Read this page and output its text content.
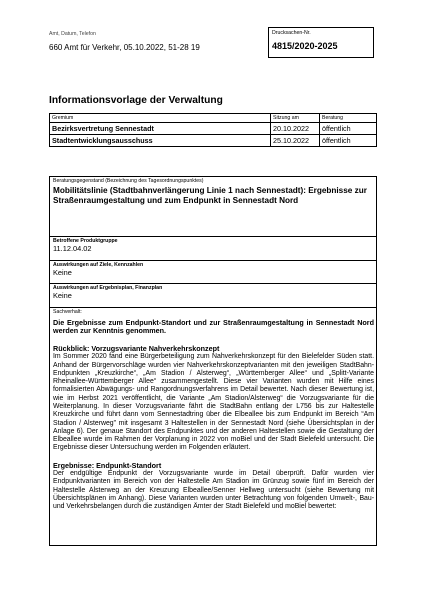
Amt, Datum, Telefon
660 Amt für Verkehr, 05.10.2022, 51-28 19
Drucksachen-Nr.
4815/2020-2025
Informationsvorlage der Verwaltung
Gremium	Sitzung am	Beratung
Bezirksvertretung Sennestadt	20.10.2022	öffentlich
Stadtentwicklungsausschuss	25.10.2022	öffentlich
Beratungsgegenstand (Bezeichnung des Tagesordnungspunktes)
Mobilitätslinie (Stadtbahnverlängerung Linie 1 nach Sennestadt): Ergebnisse zur Straßenraumgestaltung und zum Endpunkt in Sennestadt Nord
Betroffene Produktgruppe
11.12.04.02
Auswirkungen auf Ziele, Kennzahlen
Keine
Auswirkungen auf Ergebnisplan, Finanzplan
Keine
Sachverhalt:
Die Ergebnisse zum Endpunkt-Standort und zur Straßenraumgestaltung in Sennestadt Nord werden zur Kenntnis genommen.
Rückblick: Vorzugsvariante Nahverkehrskonzept
Im Sommer 2020 fand eine Bürgerbeteiligung zum Nahverkehrskonzept für den Bielefelder Süden statt. Anhand der Bürgervorschläge wurden vier Nahverkehrskonzeptvarianten mit den jeweiligen StadtBahn-Endpunkten „Kreuzkirche“, „Am Stadion / Alsterweg“, „Württemberger Allee“ und „Splitt-Variante Rheinallee-Württemberger Allee“ zusammengestellt. Diese vier Varianten wurden mit Hilfe eines formalisierten Abwägungs- und Rangordnungsverfahrens im Detail bewertet. Nach dieser Bewertung ist, wie im Herbst 2021 veröffentlicht, die Variante „Am Stadion/Alsterweg“ die Vorzugsvariante für die Weiterplanung. In dieser Vorzugsvariante fährt die StadtBahn entlang der L756 bis zur Haltestelle Kreuzkirche und führt dann vom Sennestadtring über die Elbeallee bis zum Endpunkt im Bereich “Am Stadion / Alsterweg” mit insgesamt 3 Haltestellen in der Sennestadt Nord (siehe Übersichtsplan in der Anlage 6). Der genaue Standort des Endpunktes und der anderen Haltestellen sowie die Gestaltung der Elbeallee wurde im Rahmen der Vorplanung in 2022 von moBiel und der Stadt Bielefeld untersucht. Die Ergebnisse dieser Untersuchung werden im Folgenden erläutert.
Ergebnisse: Endpunkt-Standort
Der endgültige Endpunkt der Vorzugsvariante wurde im Detail überprüft. Dafür wurden vier Endpunktvarianten im Bereich von der Haltestelle Am Stadion im Grünzug sowie fünf im Bereich der Haltestelle Alsterweg an der Kreuzung Elbeallee/Senner Hellweg untersucht (siehe Bewertung mit Übersichtsplänen im Anhang). Diese Varianten wurden unter Betrachtung von folgenden Umwelt-, Bau- und Verkehrsbelangen durch die zuständigen Ämter der Stadt Bielefeld und moBiel bewertet:
